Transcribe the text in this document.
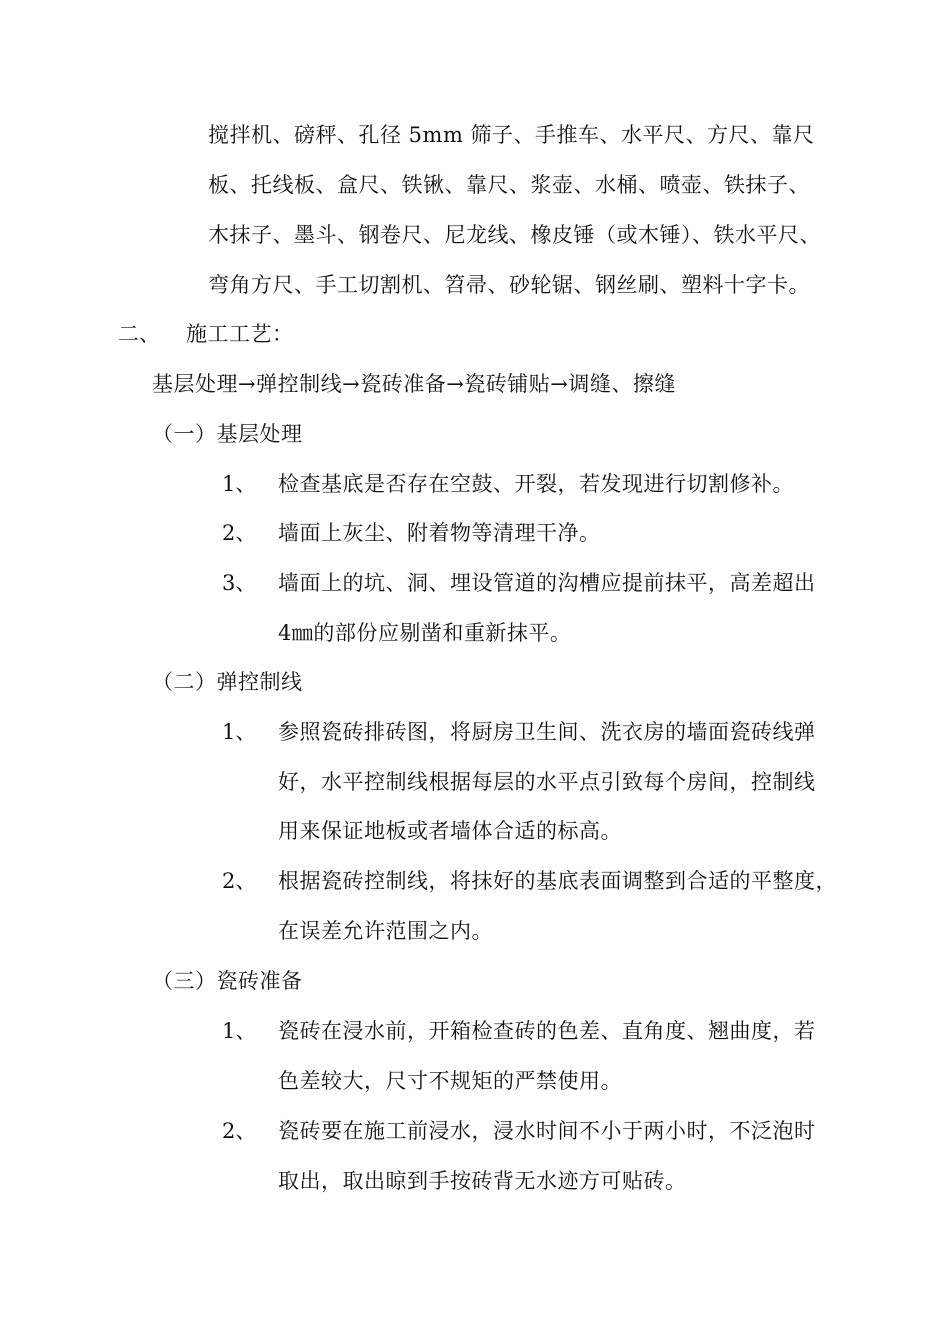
搅拌机、磅秤、孔径 5mm 筛子、手推车、水平尺、方尺、靠尺
板、托线板、盒尺、铁锹、靠尺、浆壶、水桶、喷壶、铁抹子、
木抹子、墨斗、钢卷尺、尼龙线、橡皮锤（或木锤）、铁水平尺、
弯角方尺、手工切割机、笤帚、砂轮锯、钢丝刷、塑料十字卡。
二、 施工工艺：
基层处理→弹控制线→瓷砖准备→瓷砖铺贴→调缝、擦缝
（一）基层处理
1、 检查基底是否存在空鼓、开裂，若发现进行切割修补。
2、 墙面上灰尘、附着物等清理干净。
3、 墙面上的坑、洞、埋设管道的沟槽应提前抹平，高差超出
4㎜的部份应剔凿和重新抹平。
（二）弹控制线
1、 参照瓷砖排砖图，将厨房卫生间、洗衣房的墙面瓷砖线弹
好，水平控制线根据每层的水平点引致每个房间，控制线
用来保证地板或者墙体合适的标高。
2、 根据瓷砖控制线，将抹好的基底表面调整到合适的平整度，
在误差允许范围之内。
（三）瓷砖准备
1、 瓷砖在浸水前，开箱检查砖的色差、直角度、翘曲度，若
色差较大，尺寸不规矩的严禁使用。
2、 瓷砖要在施工前浸水，浸水时间不小于两小时，不泛泡时
取出，取出晾到手按砖背无水迹方可贴砖。
